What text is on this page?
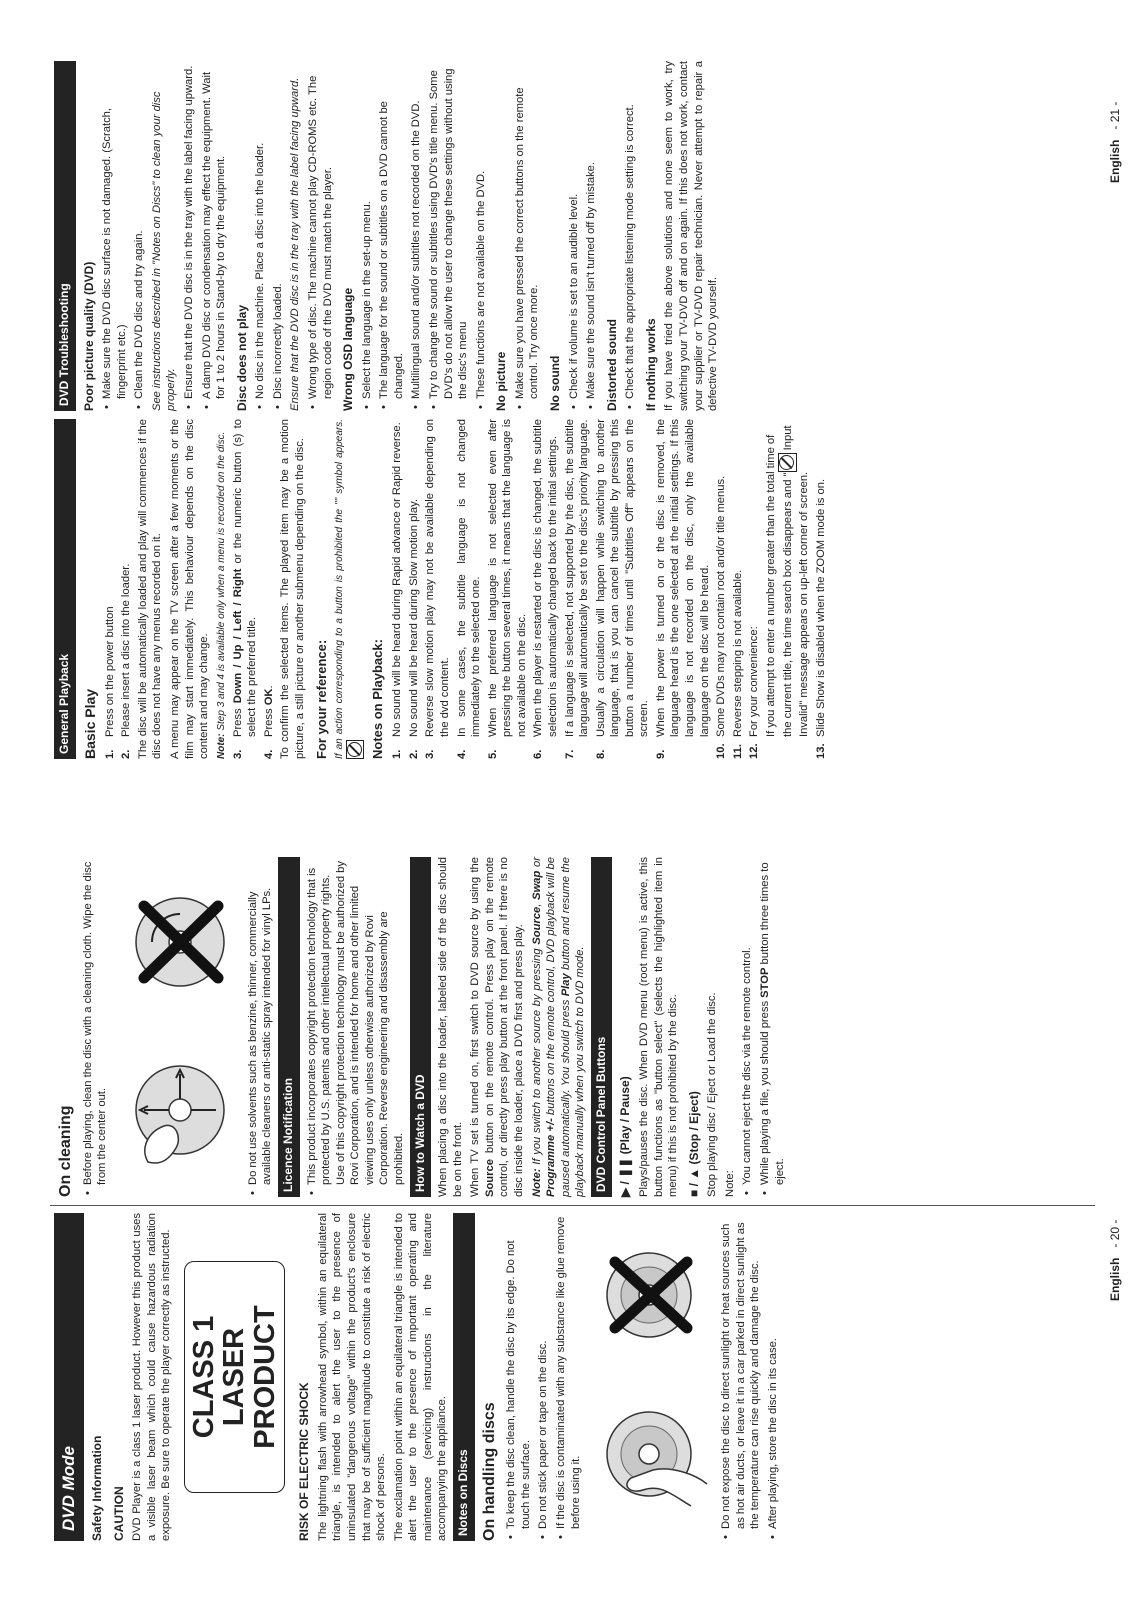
DVD Mode	Safety Information CAUTION DVD Player is a class 1 laser product. However this product uses a visible laser beam which could cause hazardous radiation exposure. Be sure to operate the player correctly as instructed. CLASS 1
LASER PRODUCT
RISK OF ELECTRIC SHOCK The lightning flash with arrowhead symbol, within an equilateral triangle, is intended to alert the user to the presence of uninsulated "dangerous voltage" within the product's enclosure that may be of sufficient magnitude to constitute a risk of electric shock of persons. The exclamation point within an equilateral triangle is intended to alert the user to the presence of important operating and maintenance (servicing) instructions in the literature accompanying the appliance. Notes on Discs On handling discs • To keep the disc clean, handle the disc by its edge. Do not touch the surface. • Do not stick paper or tape on the disc. • If the disc is contaminated with any substance like glue remove before using it.	• Do not expose the disc to direct sunlight or heat sources such as hot air ducts, or leave it in a car parked in direct sunlight as the temperature can rise quickly and damage the disc. • After playing, store the disc in its case.
On cleaning • Before playing, clean the disc with a cleaning cloth. Wipe the disc from the center out.	• Do not use solvents such as benzine, thinner, commercially available cleaners or anti-static spray intended for vinyl LPs. Licence Notification • This product incorporates copyright protection technology that is protected by U.S. patents and other intellectual property rights. Use of this copyright protection technology must be authorized by Rovi Corporation, and is intended for home and other limited viewing uses only unless otherwise authorized by Rovi Corporation. Reverse engineering and disassembly are prohibited. How to Watch a DVD When placing a disc into the loader, labeled side of the disc should be on the front. When TV set is turned on, first switch to DVD source by using the Source button on the remote control. Press play on the remote control, or directly press play button at the front panel. If there is no disc inside the loader, place a DVD first and press play. Note: If you switch to another source by pressing Source, Swap or Programme +/- buttons on the remote control, DVD playback will be paused automatically. You should press Play button and resume the playback manually when you switch to DVD mode. DVD Control Panel Buttons ▶ / ❚❚ (Play / Pause) Plays/pauses the disc. When DVD menu (root menu) is active, this button functions as "button select" (selects the highlighted item in menu) if this is not prohibited by the disc. ■ / ▲ (Stop / Eject) Stop playing disc / Eject or Load the disc. Note: • You cannot eject the disc via the remote control. • While playing a file, you should press STOP button three times to eject.
English   - 20 -
General Playback Basic Play 1.
Press on the power button
2.
Please insert a disc into the loader. The disc will be automatically loaded and play will commences if the disc does not have any menus recorded on it. A menu may appear on the TV screen after a few moments or the film may start immediately. This behaviour depends on the disc content and may change. Note: Step 3 and 4 is available only when a menu is recorded on the disc.

3.
Press Down / Up / Left / Right or the numeric button (s) to select the preferred title.
4.
Press OK. To confirm the selected items. The played item may be a motion picture, a still picture or another submenu depending on the disc. For your reference: If an action corresponding to a button is prohibited the "" symbol appears.	Notes on Playback: 1.
No sound will be heard during Rapid advance or Rapid reverse.
2.
No sound will be heard during Slow motion play.
3.
Reverse slow motion play may not be available depending on the dvd content.
4.
In some cases, the subtitle language is not changed immediately to the selected one.
5.
When the preferred language is not selected even after pressing the button several times, it means that the language is not available on the disc.
6.
When the player is restarted or the disc is changed, the subtitle selection is automatically changed back to the initial settings.
7.
If a language is selected, not supported by the disc, the subtitle language will automatically be set to the disc's priority language.
8.
Usually a circulation will happen while switching to another language, that is you can cancel the subtitle by pressing this button a number of times until "Subtitles Off" appears on the screen.
9.
When the power is turned on or the disc is removed, the language heard is the one selected at the initial settings. If this language is not recorded on the disc, only the available language on the disc will be heard.
10.
Some DVDs may not contain root and/or title menus.
11.
Reverse stepping is not available.
12.
For your convenience: If you attempt to enter a number greater than the total time of the current title, the time search box disappears and " Input Invalid" message appears on up-left corner of screen.
13.
Slide Show is disabled when the ZOOM mode is on.
English   - 21 -
DVD Troubleshooting Poor picture quality (DVD) • Make sure the DVD disc surface is not damaged. (Scratch, fingerprint etc.) • Clean the DVD disc and try again. See instructions described in "Notes on Discs" to clean your disc properly. • Ensure that the DVD disc is in the tray with the label facing upward. • A damp DVD disc or condensation may effect the equipment. Wait for 1 to 2 hours in Stand-by to dry the equipment. Disc does not play • No disc in the machine. Place a disc into the loader. • Disc incorrectly loaded. Ensure that the DVD disc is in the tray with the label facing upward. • Wrong type of disc. The machine cannot play CD-ROMS etc. The region code of the DVD must match the player. Wrong OSD language • Select the language in the set-up menu. • The language for the sound or subtitles on a DVD cannot be changed. • Multilingual sound and/or subtitles not recorded on the DVD. • Try to change the sound or subtitles using DVD's title menu. Some DVD's do not allow the user to change these settings without using the disc's menu • These functions are not available on the DVD. No picture • Make sure you have pressed the correct buttons on the remote control. Try once more. No sound • Check if volume is set to an audible level. • Make sure the sound isn't turned off by mistake. Distorted sound • Check that the appropriate listening mode setting is correct. If nothing works If you have tried the above solutions and none seem to work, try switching your TV-DVD off and on again. If this does not work, contact your supplier or TV-DVD repair technician. Never attempt to repair a defective TV-DVD yourself.
